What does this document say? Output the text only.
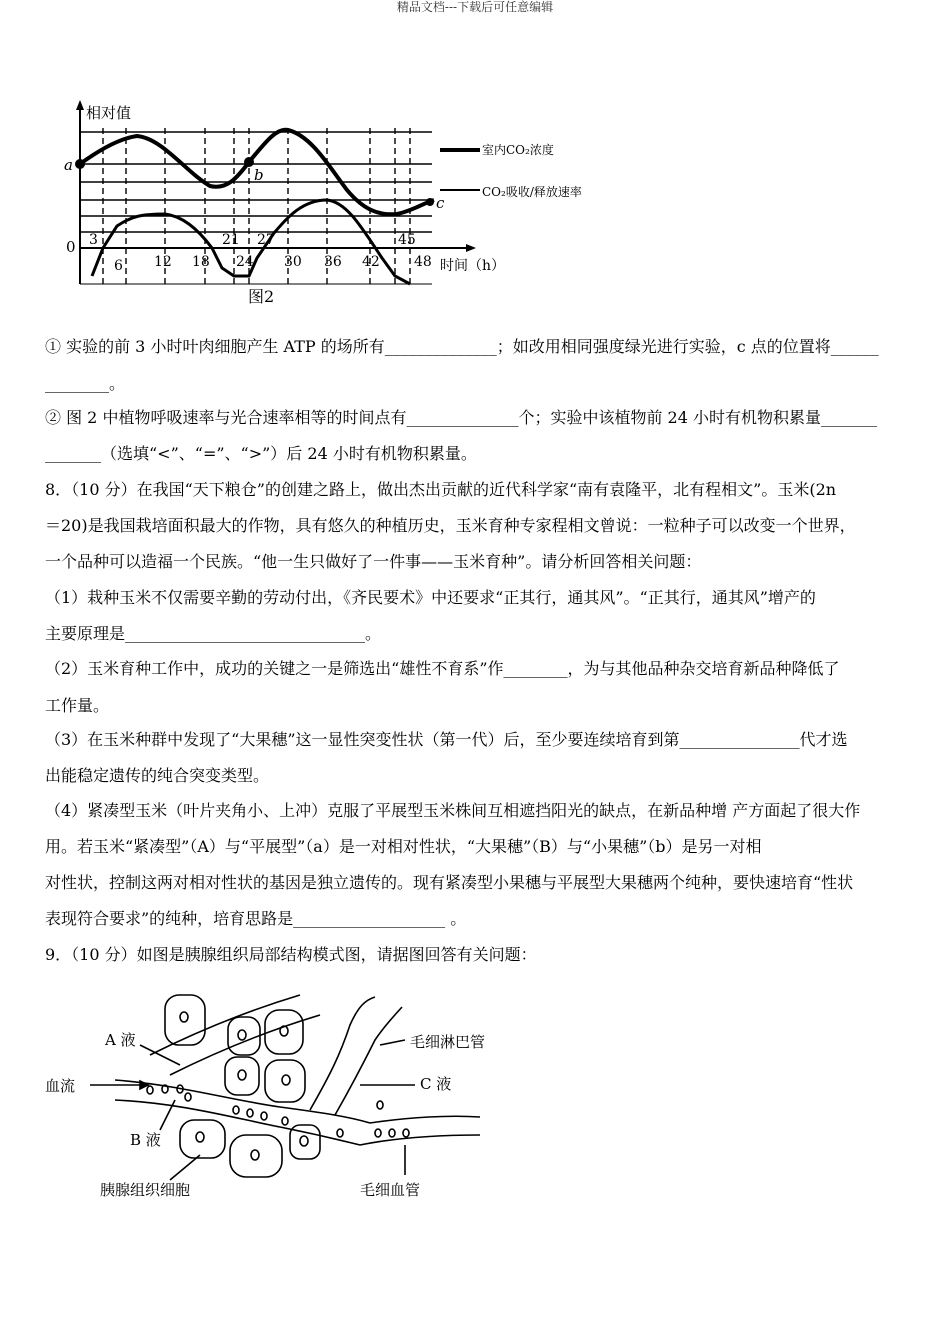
精品文档---下载后可任意编辑
相对值
a
b
c
0 3	21 27	45
6 12 18 24 30 36 42 48 时间（h）
室内CO₂浓度
CO₂吸收/释放速率
图2
① 实验的前 3 小时叶肉细胞产生 ATP 的场所有______________；如改用相同强度绿光进行实验，c 点的位置将______
________。
② 图 2 中植物呼吸速率与光合速率相等的时间点有______________个；实验中该植物前 24 小时有机物积累量_______
_______（选填“<”、“=”、“>”）后 24 小时有机物积累量。
8．（10 分）在我国“天下粮仓”的创建之路上，做出杰出贡献的近代科学家“南有袁隆平，北有程相文”。玉米(2n
＝20)是我国栽培面积最大的作物，具有悠久的种植历史，玉米育种专家程相文曾说：一粒种子可以改变一个世界，
一个品种可以造福一个民族。“他一生只做好了一件事——玉米育种”。请分析回答相关问题：
（1）栽种玉米不仅需要辛勤的劳动付出，《齐民要术》中还要求“正其行，通其风”。“正其行，通其风”增产的
主要原理是______________________________。
（2）玉米育种工作中，成功的关键之一是筛选出“雄性不育系”作________，为与其他品种杂交培育新品种降低了
工作量。
（3）在玉米种群中发现了“大果穗”这一显性突变性状（第一代）后，至少要连续培育到第_______________代才选
出能稳定遗传的纯合突变类型。
（4）紧凑型玉米（叶片夹角小、上冲）克服了平展型玉米株间互相遮挡阳光的缺点，在新品种增 产方面起了很大作
用。若玉米“紧凑型”（A）与“平展型”（a）是一对相对性状，“大果穗”（B）与“小果穗”（b）是另一对相
对性状，控制这两对相对性状的基因是独立遗传的。现有紧凑型小果穗与平展型大果穗两个纯种，要快速培育“性状
表现符合要求”的纯种，培育思路是___________________ 。
9．（10 分）如图是胰腺组织局部结构模式图，请据图回答有关问题：
A 液
血流
B 液
胰腺组织细胞
毛细淋巴管
C 液
毛细血管
